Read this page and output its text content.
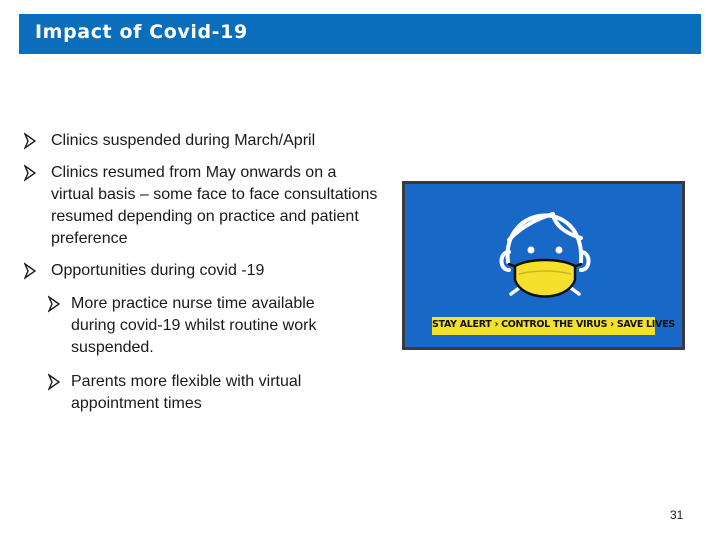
Impact of Covid-19
Clinics suspended during March/April
Clinics resumed from May onwards on a virtual basis – some face to face consultations resumed depending on practice and patient preference
Opportunities during covid -19
More practice nurse time available during covid-19 whilst routine work suspended.
Parents more flexible with virtual appointment times
STAY ALERT › CONTROL THE VIRUS › SAVE LIVES
31
